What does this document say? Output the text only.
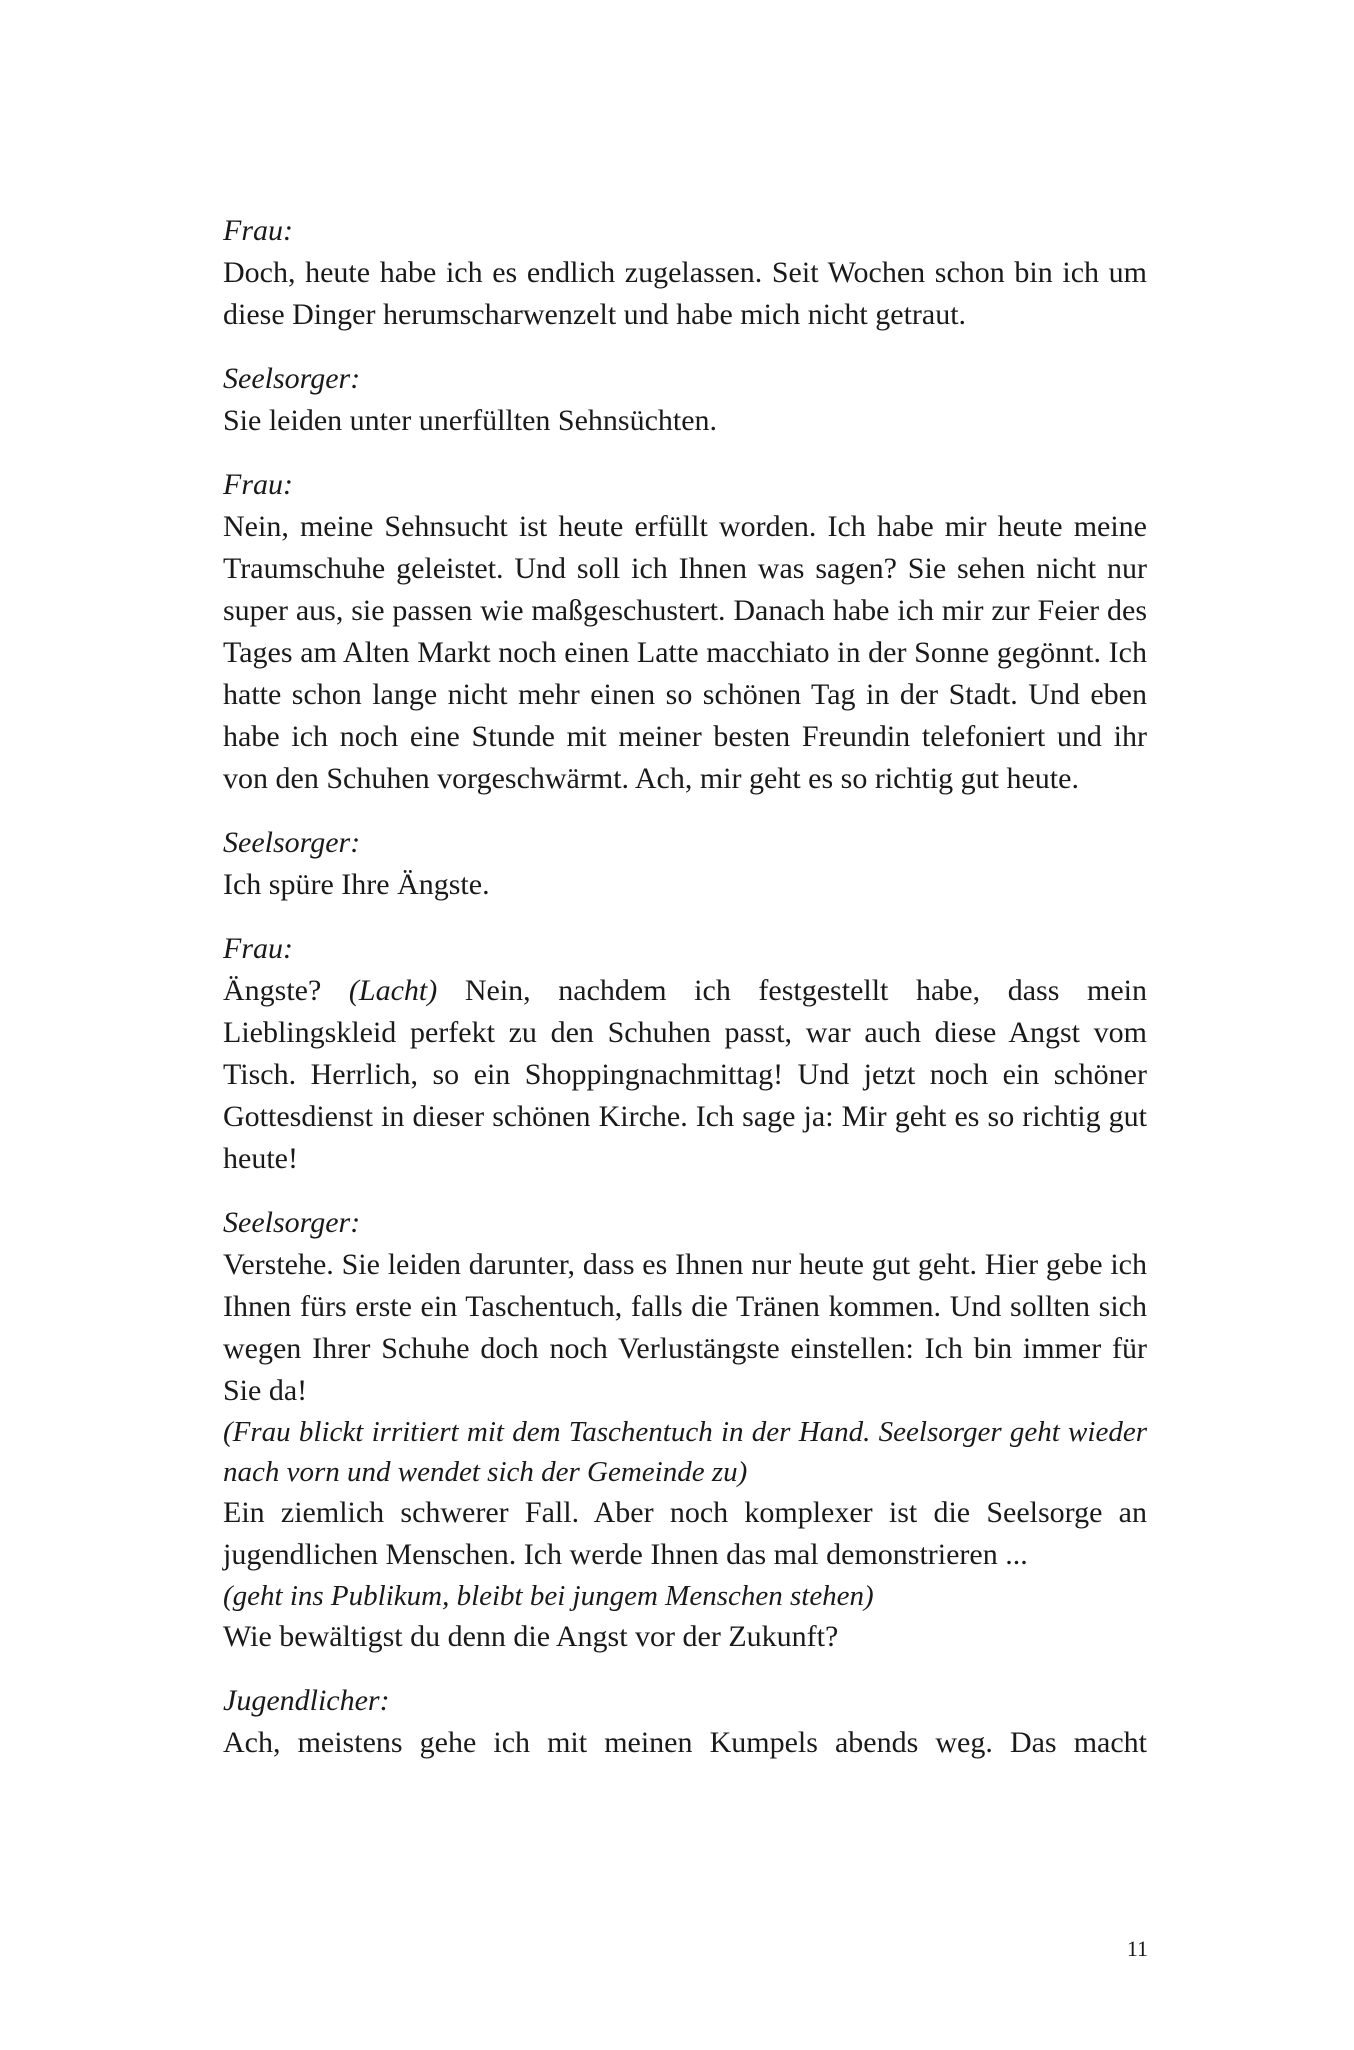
Frau:

Doch, heute habe ich es endlich zugelassen. Seit Wochen schon bin ich um diese Dinger herumscharwenzelt und habe mich nicht getraut.

Seelsorger:

Sie leiden unter unerfüllten Sehnsüchten.

Frau:

Nein, meine Sehnsucht ist heute erfüllt worden. Ich habe mir heute meine Traumschuhe geleistet. Und soll ich Ihnen was sagen? Sie sehen nicht nur super aus, sie passen wie maßgeschustert. Danach habe ich mir zur Feier des Tages am Alten Markt noch einen Latte macchiato in der Sonne gegönnt. Ich hatte schon lange nicht mehr einen so schönen Tag in der Stadt. Und eben habe ich noch eine Stunde mit meiner besten Freundin telefoniert und ihr von den Schuhen vorgeschwärmt. Ach, mir geht es so richtig gut heute.

Seelsorger:

Ich spüre Ihre Ängste.

Frau:

Ängste? (Lacht) Nein, nachdem ich festgestellt habe, dass mein Lieblingskleid perfekt zu den Schuhen passt, war auch diese Angst vom Tisch. Herrlich, so ein Shoppingnachmittag! Und jetzt noch ein schöner Gottesdienst in dieser schönen Kirche. Ich sage ja: Mir geht es so richtig gut heute!

Seelsorger:

Verstehe. Sie leiden darunter, dass es Ihnen nur heute gut geht. Hier gebe ich Ihnen fürs erste ein Taschentuch, falls die Tränen kommen. Und sollten sich wegen Ihrer Schuhe doch noch Verlustängste einstellen: Ich bin immer für Sie da!

(Frau blickt irritiert mit dem Taschentuch in der Hand. Seelsorger geht wieder nach vorn und wendet sich der Gemeinde zu)

Ein ziemlich schwerer Fall. Aber noch komplexer ist die Seelsorge an jugendlichen Menschen. Ich werde Ihnen das mal demonstrieren ...

(geht ins Publikum, bleibt bei jungem Menschen stehen)

Wie bewältigst du denn die Angst vor der Zukunft?

Jugendlicher:

Ach, meistens gehe ich mit meinen Kumpels abends weg. Das macht

11
